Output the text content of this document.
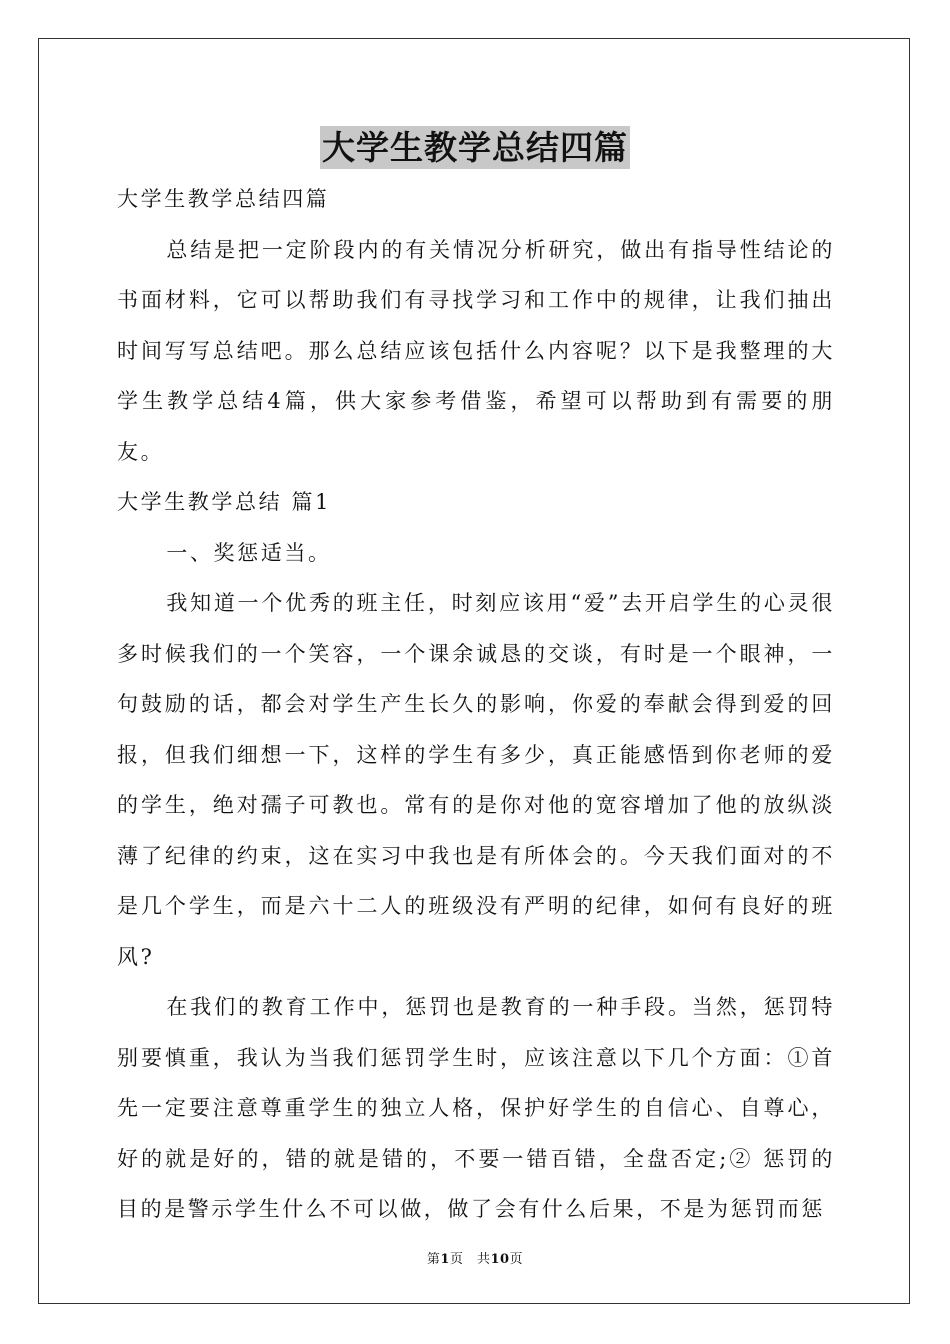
大学生教学总结四篇

大学生教学总结四篇

总结是把一定阶段内的有关情况分析研究，做出有指导性结论的书面材料，它可以帮助我们有寻找学习和工作中的规律，让我们抽出时间写写总结吧。那么总结应该包括什么内容呢？以下是我整理的大学生教学总结4篇，供大家参考借鉴，希望可以帮助到有需要的朋友。

大学生教学总结 篇1

一、奖惩适当。

我知道一个优秀的班主任，时刻应该用“爱”去开启学生的心灵很多时候我们的一个笑容，一个课余诚恳的交谈，有时是一个眼神，一句鼓励的话，都会对学生产生长久的影响，你爱的奉献会得到爱的回报，但我们细想一下，这样的学生有多少，真正能感悟到你老师的爱的学生，绝对孺子可教也。常有的是你对他的宽容增加了他的放纵淡薄了纪律的约束，这在实习中我也是有所体会的。今天我们面对的不是几个学生，而是六十二人的班级没有严明的纪律，如何有良好的班风?

在我们的教育工作中，惩罚也是教育的一种手段。当然，惩罚特别要慎重，我认为当我们惩罚学生时，应该注意以下几个方面：①首先一定要注意尊重学生的独立人格，保护好学生的自信心、自尊心，好的就是好的，错的就是错的，不要一错百错，全盘否定;② 惩罚的目的是警示学生什么不可以做，做了会有什么后果，不是为惩罚而惩

第1页　共10页
